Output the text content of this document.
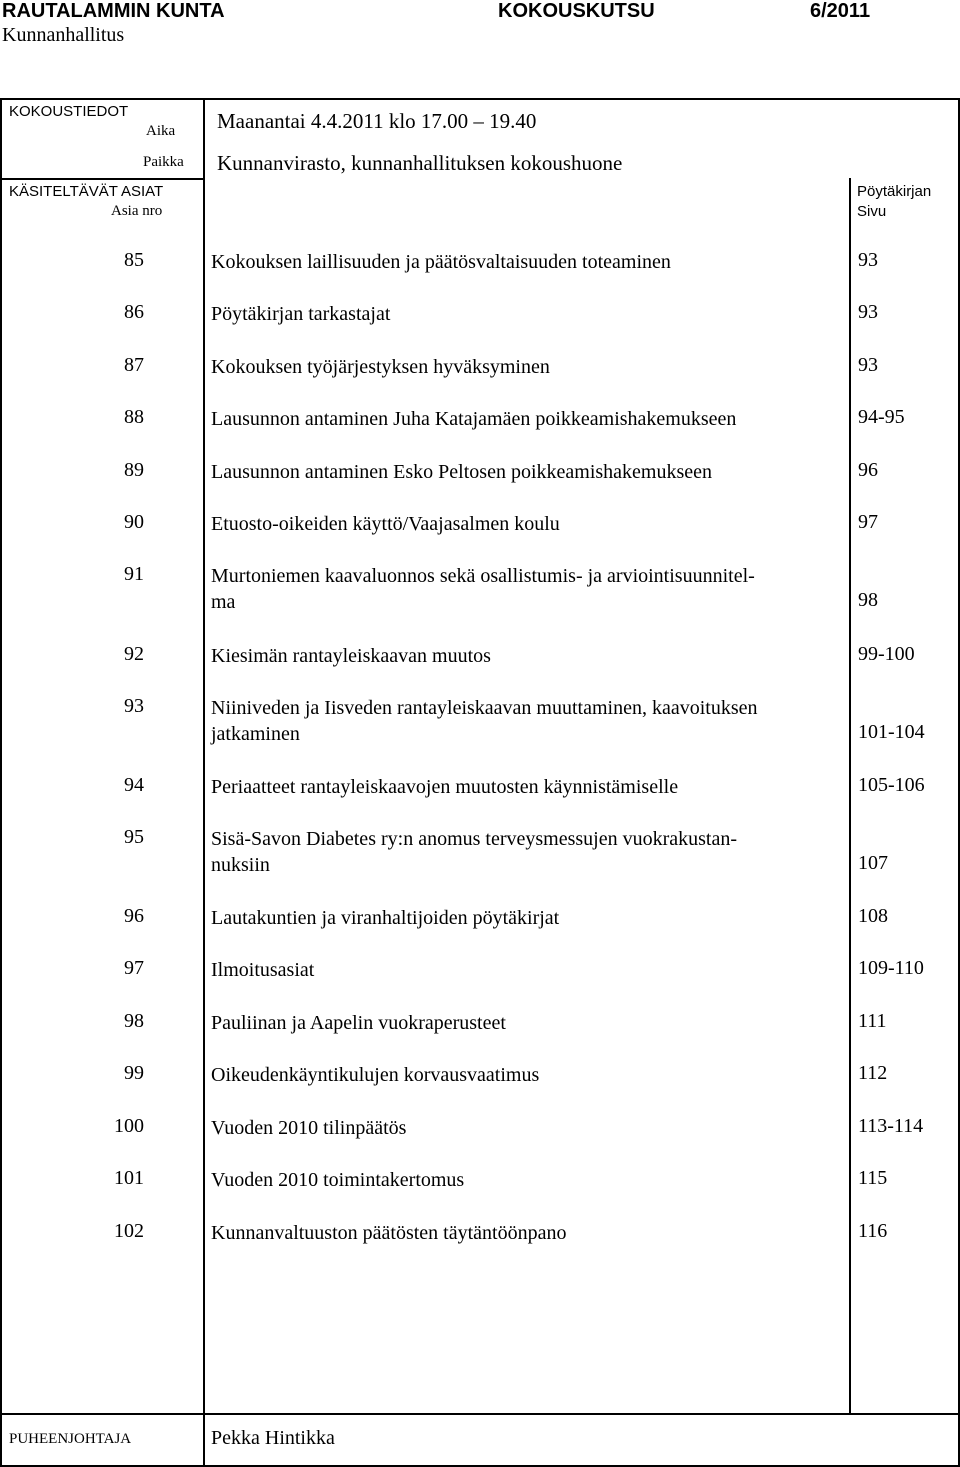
RAUTALAMMIN KUNTA	KOKOUSKUTSU	6/2011
Kunnanhallitus
KOKOUSTIEDOT
Aika Maanantai 4.4.2011 klo 17.00 – 19.40
Paikka Kunnanvirasto, kunnanhallituksen kokoushuone
KÄSITELTÄVÄT ASIAT
Asia nro
Pöytäkirjan
Sivu
85	Kokouksen laillisuuden ja päätösvaltaisuuden toteaminen	93
86	Pöytäkirjan tarkastajat	93
87	Kokouksen työjärjestyksen hyväksyminen	93
88	Lausunnon antaminen Juha Katajamäen poikkeamishakemukseen	94-95
89	Lausunnon antaminen Esko Peltosen poikkeamishakemukseen	96
90	Etuosto-oikeiden käyttö/Vaajasalmen koulu	97
91	Murtoniemen kaavaluonnos sekä osallistumis- ja arviointisuunnitel-
ma	98
92	Kiesimän rantayleiskaavan muutos	99-100
93	Niiniveden ja Iisveden rantayleiskaavan muuttaminen, kaavoituksen
jatkaminen	101-104
94	Periaatteet rantayleiskaavojen muutosten käynnistämiselle	105-106
95	Sisä-Savon Diabetes ry:n anomus terveysmessujen vuokrakustan-
nuksiin	107
96	Lautakuntien ja viranhaltijoiden pöytäkirjat	108
97	Ilmoitusasiat	109-110
98	Pauliinan ja Aapelin vuokraperusteet	111
99	Oikeudenkäyntikulujen korvausvaatimus	112
100	Vuoden 2010 tilinpäätös	113-114
101	Vuoden 2010 toimintakertomus	115
102	Kunnanvaltuuston päätösten täytäntöönpano	116
PUHEENJOHTAJA	Pekka Hintikka
